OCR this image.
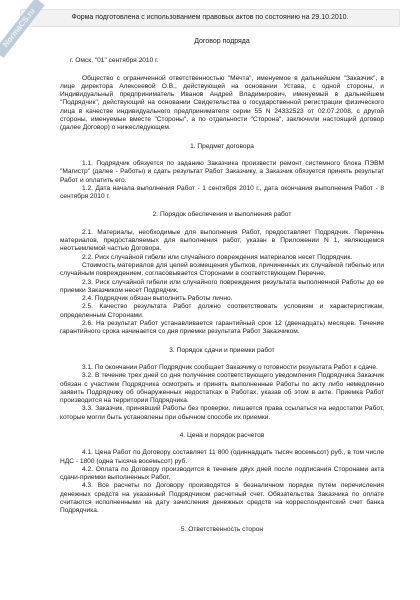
Форма подготовлена с использованием правовых актов по состоянию на 29.10.2010.
NormaCS.ru	Договор подряда
г. Омск, "01" сентября 2010 г.

Общество с ограниченной ответственностью "Мечта", именуемое в дальнейшем "Заказчик", в лице директора Алексеевой О.В., действующей на основании Устава, с одной стороны, и Индивидуальный предприниматель Иванов Андрей Владимирович, именуемый в дальнейшем "Подрядчик", действующий на основании Свидетельства о государственной регистрации физического лица в качестве индивидуального предпринимателя серии 55 N 24332523 от 02.07.2008, с другой стороны, именуемые вместе "Стороны", а по отдельности "Сторона", заключили настоящий договор (далее Договор) о нижеследующем.

1. Предмет договора

1.1. Подрядчик обязуется по заданию Заказчика произвести ремонт системного блока ПЭВМ "Магистр" (далее - Работы) и сдать результат Работ Заказчику, а Заказчик обязуется принять результат Работ и оплатить его.

1.2. Дата начала выполнения Работ - 1 сентября 2010 г., дата окончания выполнения Работ - 8 сентября 2010 г.

2. Порядок обеспечения и выполнения работ

2.1. Материалы, необходимые для выполнения Работ, предоставляет Подрядчик. Перечень материалов, предоставляемых для выполнения работ, указан в Приложении N 1, являющемся неотъемлемой частью Договора.

2.2. Риск случайной гибели или случайного повреждения материалов несет Подрядчик.

Стоимость материалов для целей возмещения убытков, причиненных их случайной гибелью или случайным повреждением, согласовывается Сторонами в соответствующем Перечне.

2.3. Риск случайной гибели или случайного повреждения результата выполненной Работы до ее приемки Заказчиком несет Подрядчик.

2.4. Подрядчик обязан выполнить Работы лично.

2.5. Качество результата Работ должно соответствовать условиям и характеристикам, определенным Сторонами.

2.6. На результат Работ устанавливается гарантийный срок 12 (двенадцать) месяцев. Течение гарантийного срока начинается со дня приемки результата Работ Заказчиком.

3. Порядок сдачи и приемки работ

3.1. По окончании Работ Подрядчик сообщает Заказчику о готовности результата Работ к сдаче.

3.2. В течение трех дней со дня получения соответствующего уведомления Подрядчика Заказчик обязан с участием Подрядчика осмотреть и принять выполненные Работы по акту либо немедленно заявить Подрядчику об обнаруженных недостатках в Работах, указав об этом в акте. Приемка Работ производится на территории Подрядчика.

3.3. Заказчик, принявший Работы без проверки, лишается права ссылаться на недостатки Работ, которые могли быть установлены при обычном способе их приемки.

4. Цена и порядок расчетов

4.1. Цена Работ по Договору составляет 11 800 (одиннадцать тысяч восемьсот) руб., в том числе НДС - 1800 (одна тысяча восемьсот) руб.

4.2. Оплата по Договору производится в течение двух дней после подписания Сторонами акта сдачи-приемки выполненных Работ.

4.3. Все расчеты по Договору производятся в безналичном порядке путем перечисления денежных средств на указанный Подрядчиком расчетный счет. Обязательства Заказчика по оплате считаются исполненными на дату зачисления денежных средств на корреспондентский счет банка Подрядчика.

5. Ответственность сторон
